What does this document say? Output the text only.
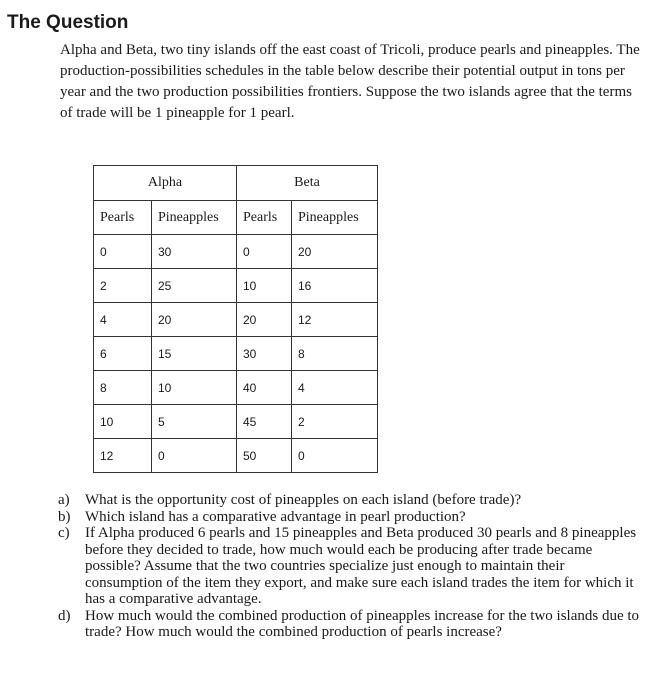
The Question

Alpha and Beta, two tiny islands off the east coast of Tricoli, produce pearls and pineapples. The production-possibilities schedules in the table below describe their potential output in tons per year and the two production possibilities frontiers. Suppose the two islands agree that the terms of trade will be 1 pineapple for 1 pearl.

Alpha		Beta	
Pearls	Pineapples	Pearls	Pineapples
0	30	0	20
2	25	10	16
4	20	20	12
6	15	30	8
8	10	40	4
10	5	45	2
12	0	50	0
a)	What is the opportunity cost of pineapples on each island (before trade)?
b) Which island has a comparative advantage in pearl production?
c)	If Alpha produced 6 pearls and 15 pineapples and Beta produced 30 pearls and 8 pineapples before they decided to trade, how much would each be producing after trade became possible? Assume that the two countries specialize just enough to maintain their consumption of the item they export, and make sure each island trades the item for which it has a comparative advantage.
d) How much would the combined production of pineapples increase for the two islands due to trade? How much would the combined production of pearls increase?
